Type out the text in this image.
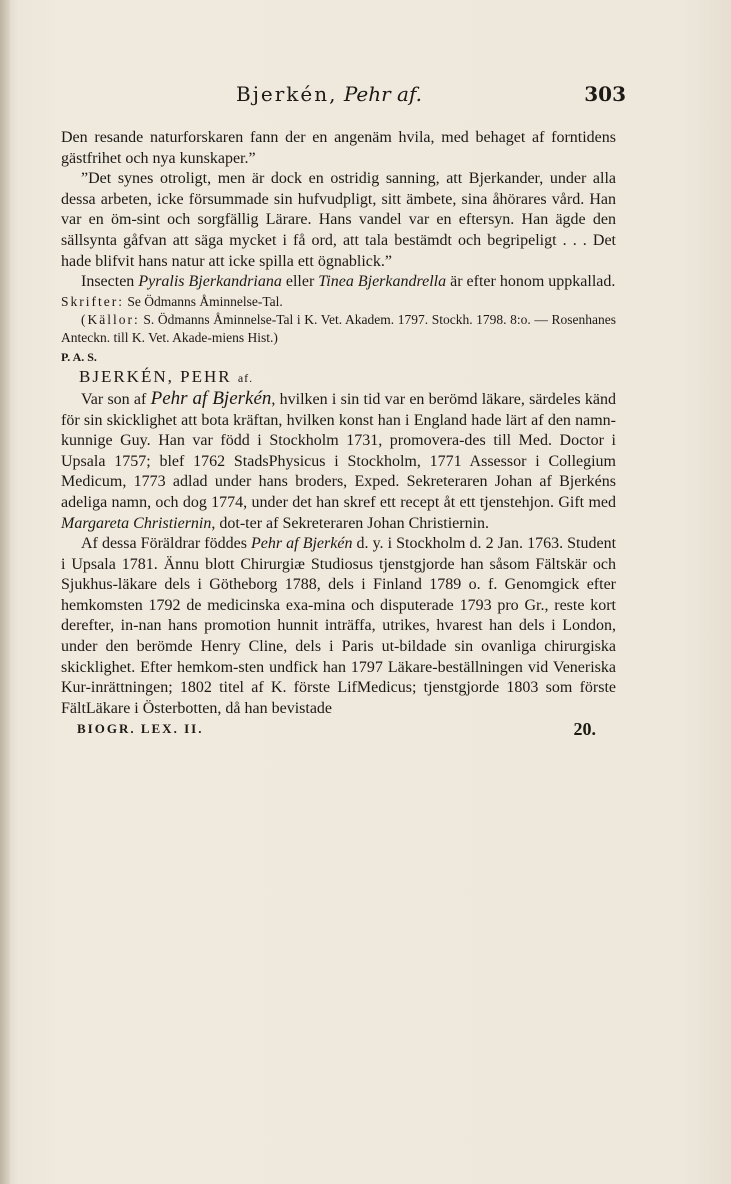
Bjerkén, Pehr af.	303

Den resande naturforskaren fann der en angenäm hvila, med behaget af forntidens gästfrihet och nya kunskaper.”

”Det synes otroligt, men är dock en ostridig sanning, att Bjerkander, under alla dessa arbeten, icke försummade sin hufvudpligt, sitt ämbete, sina åhörares vård. Han var en öm-sint och sorgfällig Lärare. Hans vandel var en eftersyn. Han ägde den sällsynta gåfvan att säga mycket i få ord, att tala bestämdt och begripeligt . . . Det hade blifvit hans natur att icke spilla ett ögnablick.”

Insecten Pyralis Bjerkandriana eller Tinea Bjerkandrella är efter honom uppkallad.

Skrifter: Se Ödmanns Åminnelse-Tal.

(Källor: S. Ödmanns Åminnelse-Tal i K. Vet. Akadem. 1797. Stockh. 1798. 8:o. — Rosenhanes Anteckn. till K. Vet. Akade-miens Hist.)

P. A. S.

BJERKÉN, PEHR af.

Var son af Pehr af Bjerkén, hvilken i sin tid var en berömd läkare, särdeles känd för sin skicklighet att bota kräftan, hvilken konst han i England hade lärt af den namn-kunnige Guy. Han var född i Stockholm 1731, promovera-des till Med. Doctor i Upsala 1757; blef 1762 StadsPhysicus i Stockholm, 1771 Assessor i Collegium Medicum, 1773 adlad under hans broders, Exped. Sekreteraren Johan af Bjerkéns adeliga namn, och dog 1774, under det han skref ett recept åt ett tjenstehjon. Gift med Margareta Christiernin, dot-ter af Sekreteraren Johan Christiernin.

Af dessa Föräldrar föddes Pehr af Bjerkén d. y. i Stockholm d. 2 Jan. 1763. Student i Upsala 1781. Ännu blott Chirurgiæ Studiosus tjenstgjorde han såsom Fältskär och Sjukhus-läkare dels i Götheborg 1788, dels i Finland 1789 o. f. Genomgick efter hemkomsten 1792 de medicinska exa-mina och disputerade 1793 pro Gr., reste kort derefter, in-nan hans promotion hunnit inträffa, utrikes, hvarest han dels i London, under den berömde Henry Cline, dels i Paris ut-bildade sin ovanliga chirurgiska skicklighet. Efter hemkom-sten undfick han 1797 Läkare-beställningen vid Veneriska Kur-inrättningen; 1802 titel af K. förste LifMedicus; tjenstgjorde 1803 som förste FältLäkare i Österbotten, då han bevistade

BIOGR. LEX. II.	20.
